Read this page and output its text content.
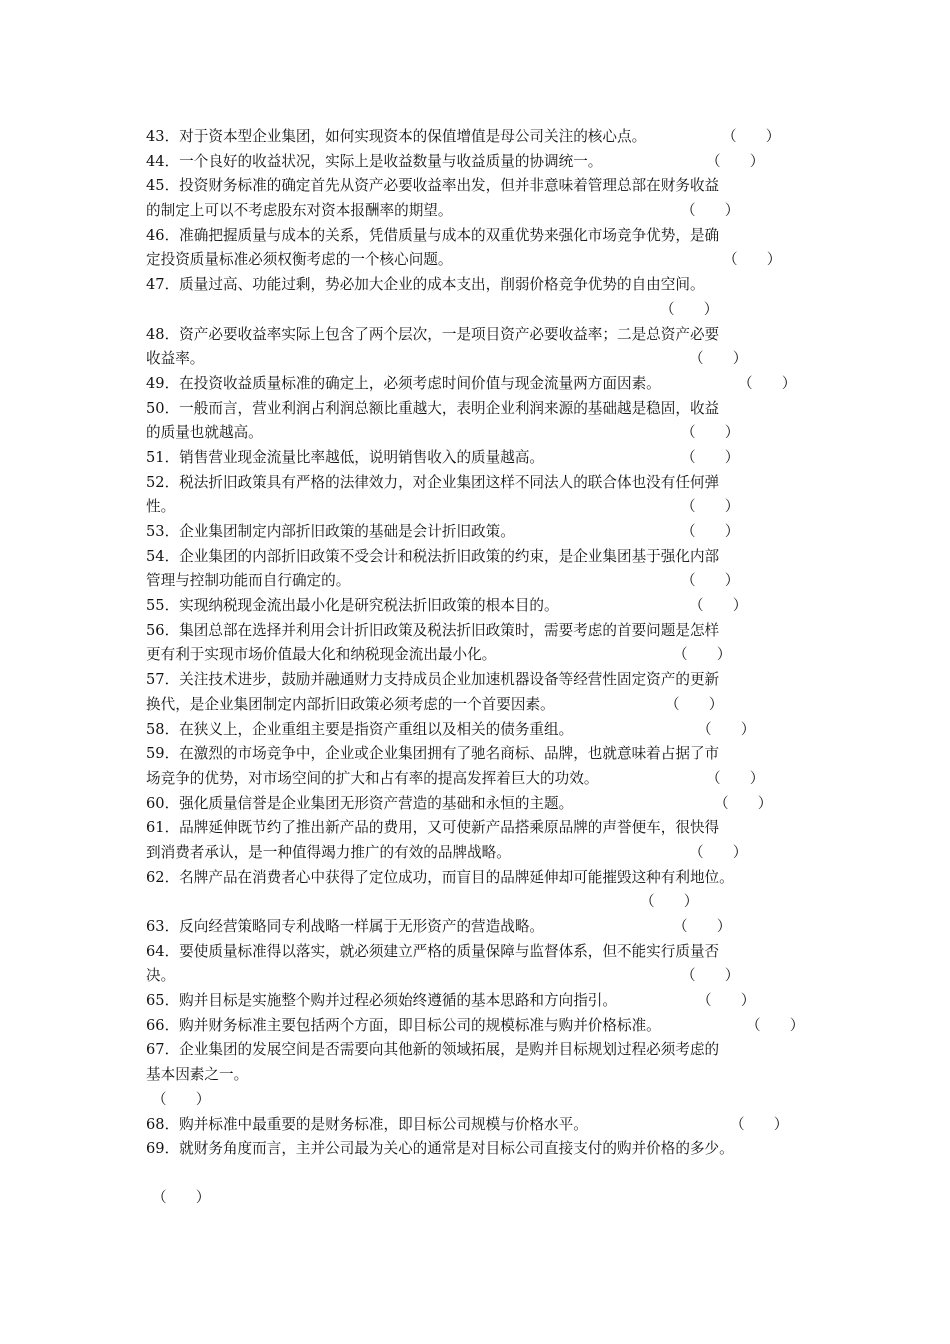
43．对于资本型企业集团，如何实现资本的保值增值是母公司关注的核心点。	（　　）
44．一个良好的收益状况，实际上是收益数量与收益质量的协调统一。	（　　）
45．投资财务标准的确定首先从资产必要收益率出发，但并非意味着管理总部在财务收益
的制定上可以不考虑股东对资本报酬率的期望。	（　　）
46．准确把握质量与成本的关系，凭借质量与成本的双重优势来强化市场竞争优势，是确
定投资质量标准必须权衡考虑的一个核心问题。	（　　）
47．质量过高、功能过剩，势必加大企业的成本支出，削弱价格竞争优势的自由空间。
（　　）
48．资产必要收益率实际上包含了两个层次，一是项目资产必要收益率；二是总资产必要
收益率。	（　　）
49．在投资收益质量标准的确定上，必须考虑时间价值与现金流量两方面因素。	（　　）
50．一般而言，营业利润占利润总额比重越大，表明企业利润来源的基础越是稳固，收益
的质量也就越高。	（　　）
51．销售营业现金流量比率越低，说明销售收入的质量越高。	（　　）
52．税法折旧政策具有严格的法律效力，对企业集团这样不同法人的联合体也没有任何弹
性。	（　　）
53．企业集团制定内部折旧政策的基础是会计折旧政策。	（　　）
54．企业集团的内部折旧政策不受会计和税法折旧政策的约束，是企业集团基于强化内部
管理与控制功能而自行确定的。	（　　）
55．实现纳税现金流出最小化是研究税法折旧政策的根本目的。	（　　）
56．集团总部在选择并利用会计折旧政策及税法折旧政策时，需要考虑的首要问题是怎样
更有利于实现市场价值最大化和纳税现金流出最小化。	（　　）
57．关注技术进步，鼓励并融通财力支持成员企业加速机器设备等经营性固定资产的更新
换代，是企业集团制定内部折旧政策必须考虑的一个首要因素。	（　　）
58．在狭义上，企业重组主要是指资产重组以及相关的债务重组。	（　　）
59．在激烈的市场竞争中，企业或企业集团拥有了驰名商标、品牌，也就意味着占据了市
场竞争的优势，对市场空间的扩大和占有率的提高发挥着巨大的功效。	（　　）
60．强化质量信誉是企业集团无形资产营造的基础和永恒的主题。	（　　）
61．品牌延伸既节约了推出新产品的费用，又可使新产品搭乘原品牌的声誉便车，很快得
到消费者承认，是一种值得竭力推广的有效的品牌战略。	（　　）
62．名牌产品在消费者心中获得了定位成功，而盲目的品牌延伸却可能摧毁这种有利地位。
（　　）
63．反向经营策略同专利战略一样属于无形资产的营造战略。	（　　）
64．要使质量标准得以落实，就必须建立严格的质量保障与监督体系，但不能实行质量否
决。	（　　）
65．购并目标是实施整个购并过程必须始终遵循的基本思路和方向指引。	（　　）
66．购并财务标准主要包括两个方面，即目标公司的规模标准与购并价格标准。	（　　）
67．企业集团的发展空间是否需要向其他新的领域拓展，是购并目标规划过程必须考虑的
基本因素之一。
（　　）
68．购并标准中最重要的是财务标准，即目标公司规模与价格水平。	（　　）
69．就财务角度而言，主并公司最为关心的通常是对目标公司直接支付的购并价格的多少。
（　　）
